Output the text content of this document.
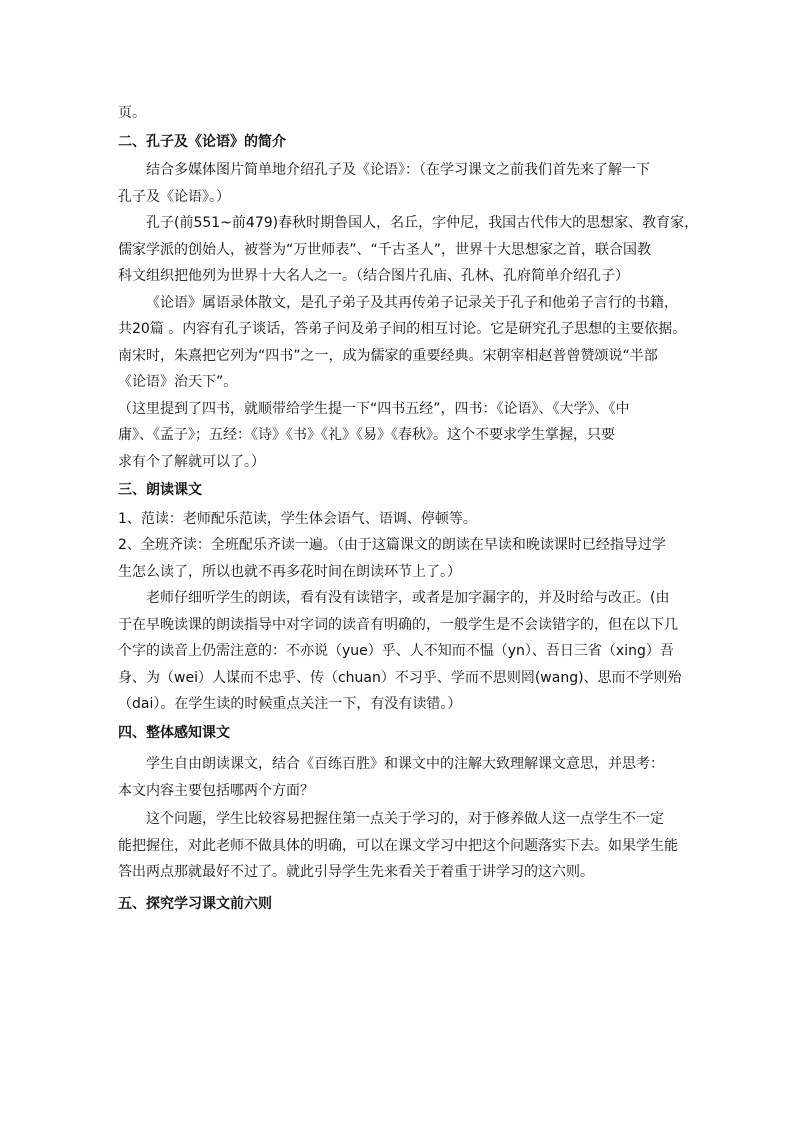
页。

二、孔子及《论语》的简介

结合多媒体图片简单地介绍孔子及《论语》：（在学习课文之前我们首先来了解一下

孔子及《论语》。）

孔子(前551~前479)春秋时期鲁国人，名丘，字仲尼，我国古代伟大的思想家、教育家，

儒家学派的创始人，被誉为“万世师表”、“千古圣人”，世界十大思想家之首，联合国教

科文组织把他列为世界十大名人之一。（结合图片孔庙、孔林、孔府简单介绍孔子）

《论语》属语录体散文，是孔子弟子及其再传弟子记录关于孔子和他弟子言行的书籍，

共20篇 。内容有孔子谈话，答弟子问及弟子间的相互讨论。它是研究孔子思想的主要依据。

南宋时，朱熹把它列为“四书”之一，成为儒家的重要经典。宋朝宰相赵普曾赞颂说“半部

《论语》治天下”。

（这里提到了四书，就顺带给学生提一下“四书五经”，四书：《论语》、《大学》、《中

庸》、《孟子》；五经：《诗》《书》《礼》《易》《春秋》。这个不要求学生掌握，只要

求有个了解就可以了。）

三、朗读课文

1、范读：老师配乐范读，学生体会语气、语调、停顿等。

2、全班齐读：全班配乐齐读一遍。（由于这篇课文的朗读在早读和晚读课时已经指导过学

生怎么读了，所以也就不再多花时间在朗读环节上了。）

老师仔细听学生的朗读，看有没有读错字，或者是加字漏字的，并及时给与改正。(由

于在早晚读课的朗读指导中对字词的读音有明确的，一般学生是不会读错字的，但在以下几

个字的读音上仍需注意的：不亦说（yue）乎、人不知而不愠（yn）、吾日三省（xing）吾

身、为（wei）人谋而不忠乎、传（chuan）不习乎、学而不思则罔(wang)、思而不学则殆

（dai）。在学生读的时候重点关注一下，有没有读错。）

四、整体感知课文

学生自由朗读课文，结合《百练百胜》和课文中的注解大致理解课文意思，并思考：

本文内容主要包括哪两个方面？

这个问题，学生比较容易把握住第一点关于学习的，对于修养做人这一点学生不一定

能把握住，对此老师不做具体的明确，可以在课文学习中把这个问题落实下去。如果学生能

答出两点那就最好不过了。就此引导学生先来看关于着重于讲学习的这六则。

五、探究学习课文前六则
